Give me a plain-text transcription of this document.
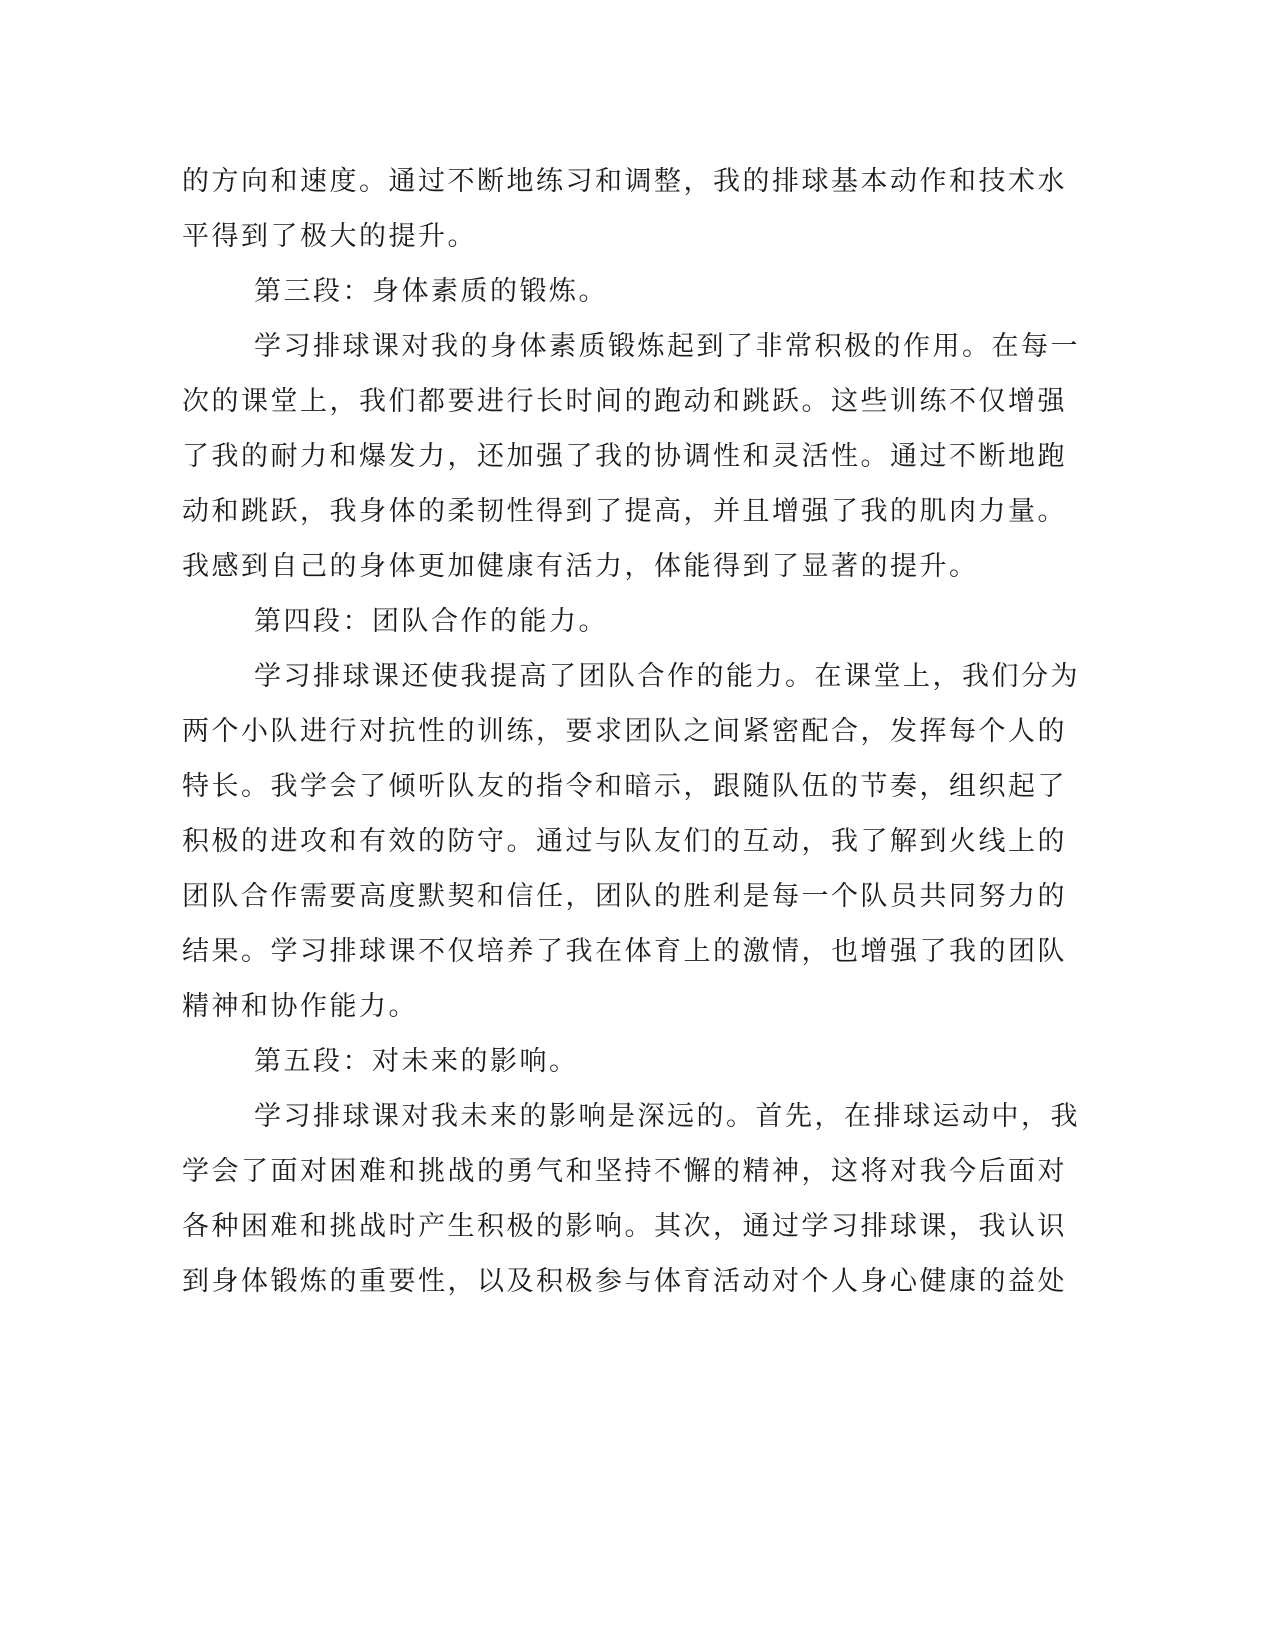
的方向和速度。通过不断地练习和调整，我的排球基本动作和技术水
平得到了极大的提升。
第三段：身体素质的锻炼。
学习排球课对我的身体素质锻炼起到了非常积极的作用。在每一
次的课堂上，我们都要进行长时间的跑动和跳跃。这些训练不仅增强
了我的耐力和爆发力，还加强了我的协调性和灵活性。通过不断地跑
动和跳跃，我身体的柔韧性得到了提高，并且增强了我的肌肉力量。
我感到自己的身体更加健康有活力，体能得到了显著的提升。
第四段：团队合作的能力。
学习排球课还使我提高了团队合作的能力。在课堂上，我们分为
两个小队进行对抗性的训练，要求团队之间紧密配合，发挥每个人的
特长。我学会了倾听队友的指令和暗示，跟随队伍的节奏，组织起了
积极的进攻和有效的防守。通过与队友们的互动，我了解到火线上的
团队合作需要高度默契和信任，团队的胜利是每一个队员共同努力的
结果。学习排球课不仅培养了我在体育上的激情，也增强了我的团队
精神和协作能力。
第五段：对未来的影响。
学习排球课对我未来的影响是深远的。首先，在排球运动中，我
学会了面对困难和挑战的勇气和坚持不懈的精神，这将对我今后面对
各种困难和挑战时产生积极的影响。其次，通过学习排球课，我认识
到身体锻炼的重要性，以及积极参与体育活动对个人身心健康的益处
